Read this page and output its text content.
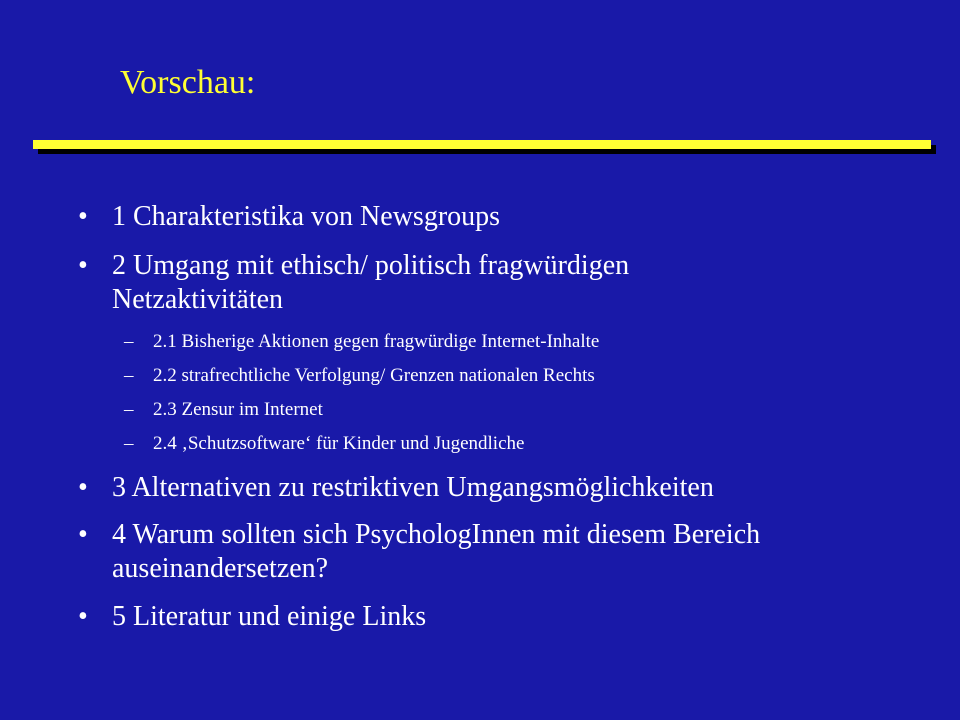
Vorschau:
• 1 Charakteristika von Newsgroups
• 2 Umgang mit ethisch/ politisch fragwürdigen Netzaktivitäten
– 2.1 Bisherige Aktionen gegen fragwürdige Internet-Inhalte
– 2.2 strafrechtliche Verfolgung/ Grenzen nationalen Rechts
– 2.3 Zensur im Internet
– 2.4 ‚Schutzsoftware‘ für Kinder und Jugendliche
• 3 Alternativen zu restriktiven Umgangsmöglichkeiten
• 4 Warum sollten sich PsychologInnen mit diesem Bereich auseinandersetzen?
• 5 Literatur und einige Links
